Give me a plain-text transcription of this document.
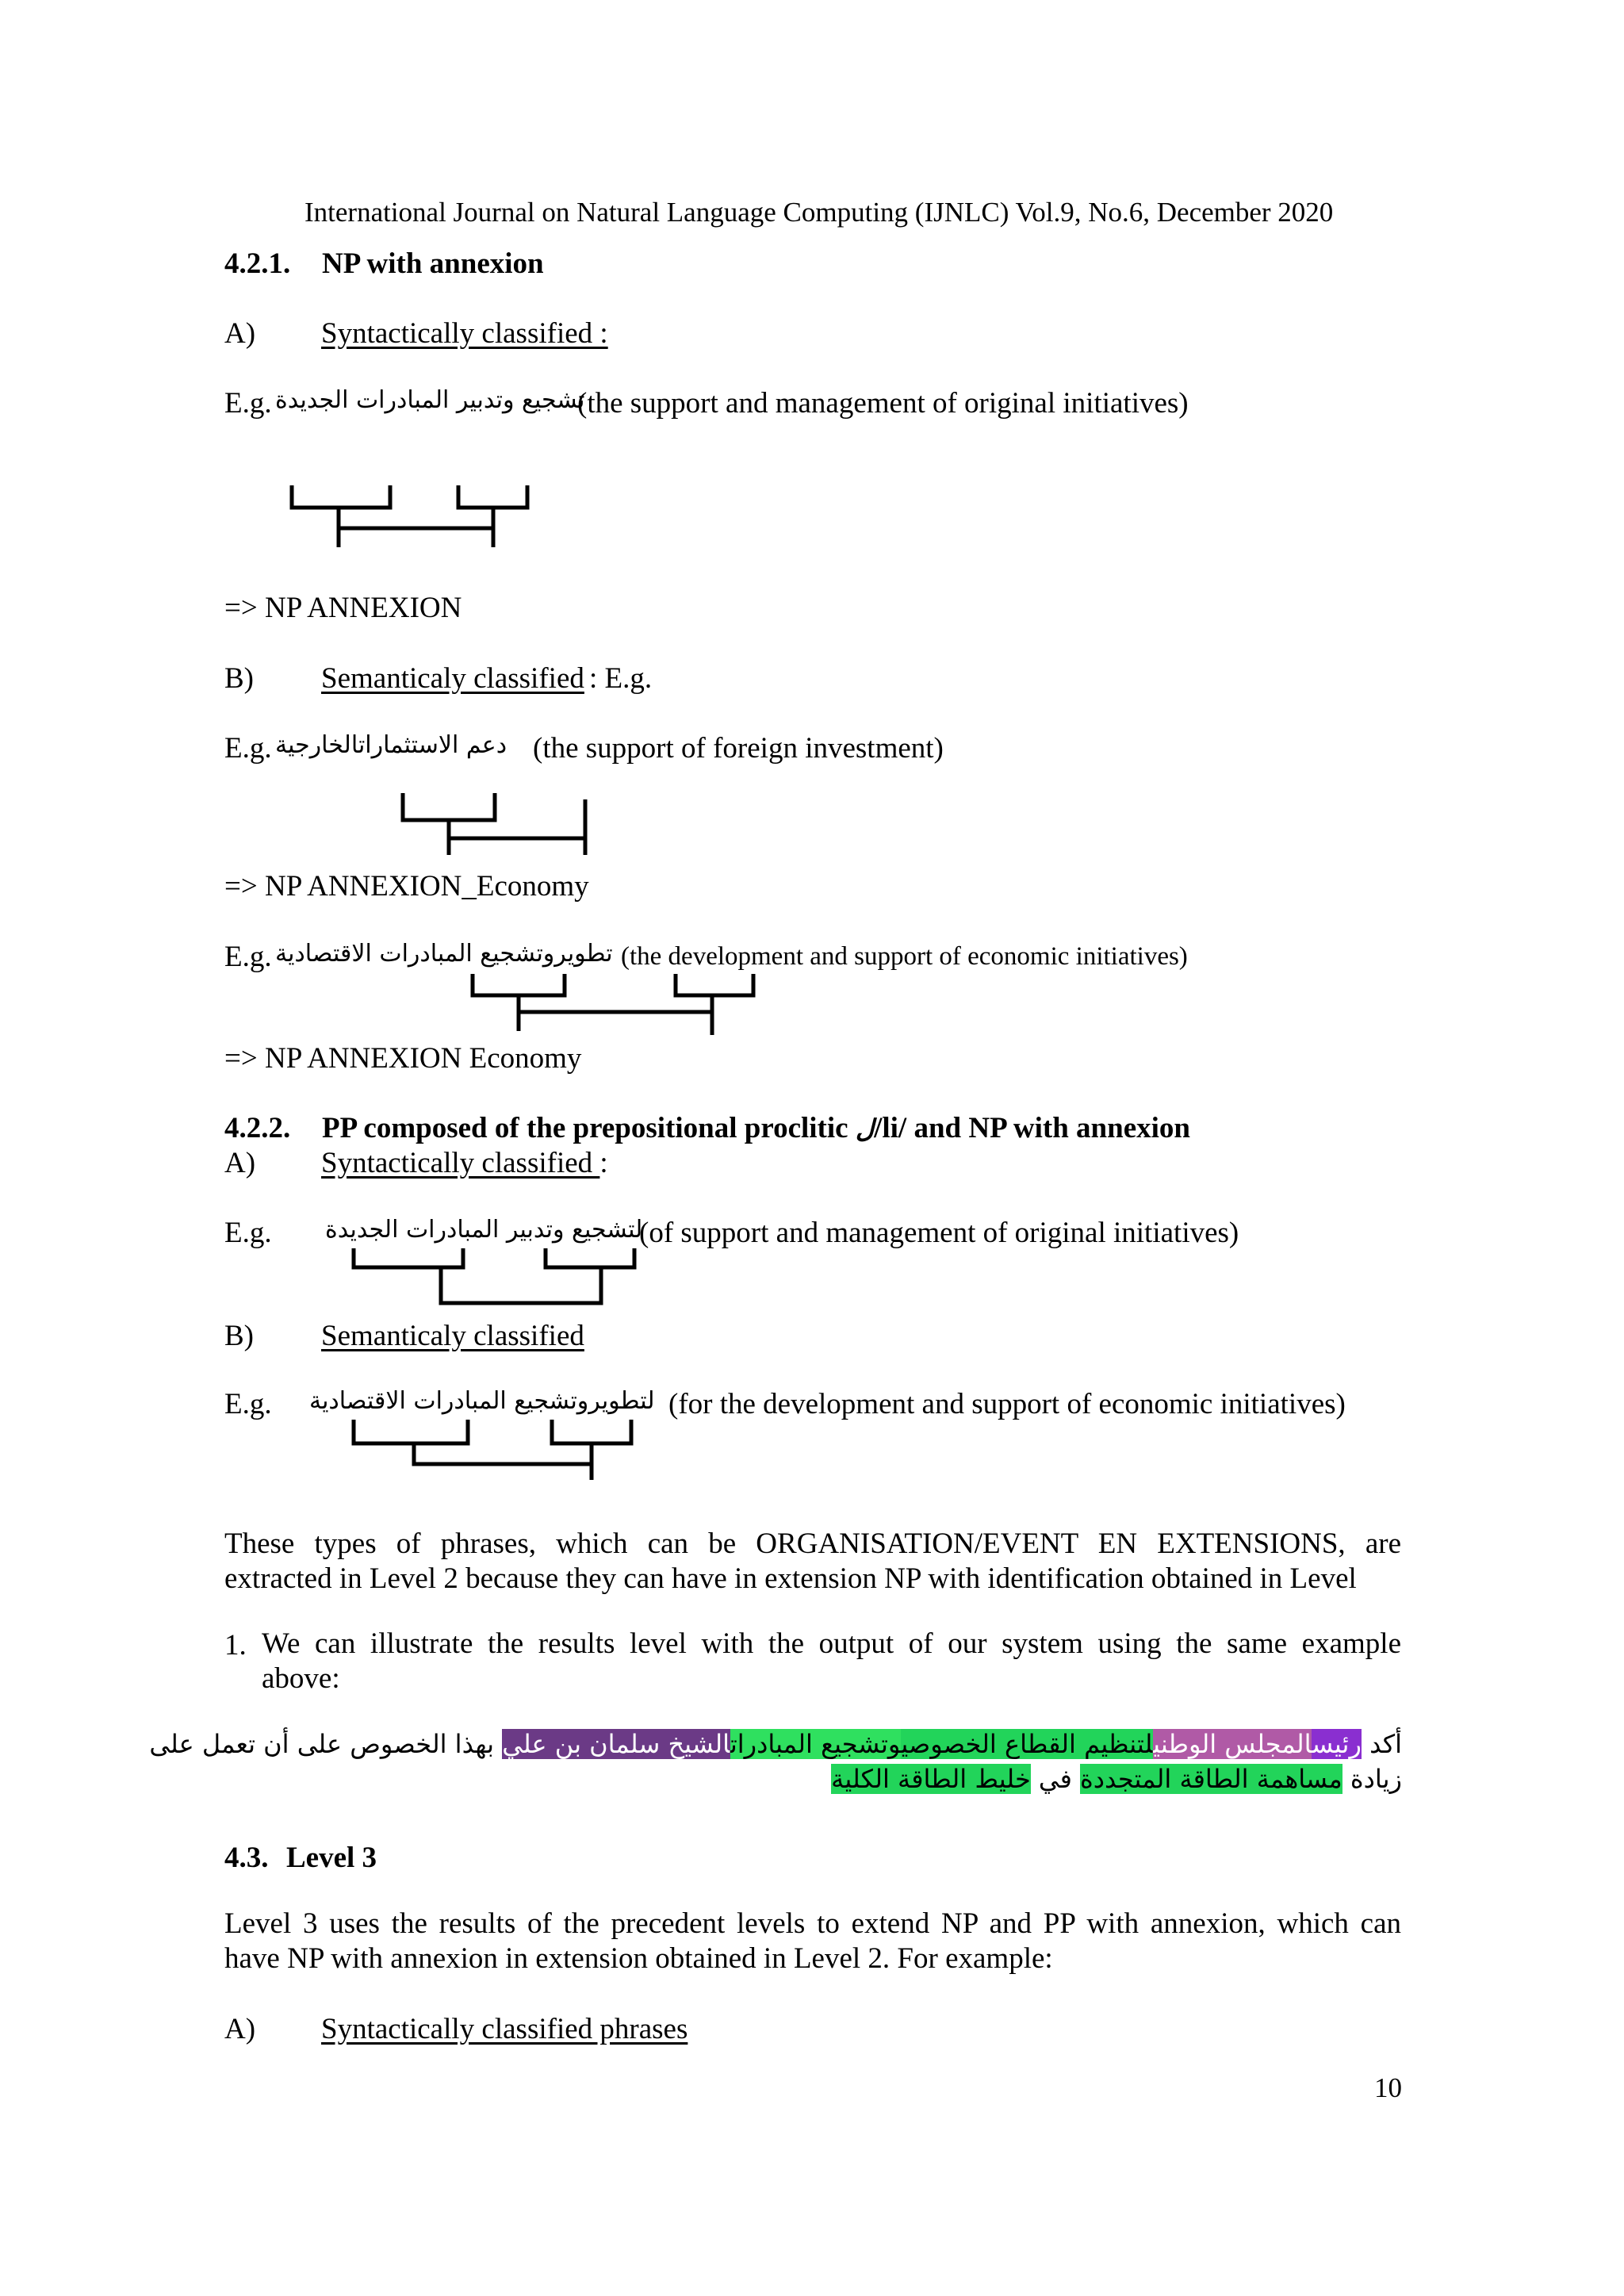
International Journal on Natural Language Computing (IJNLC) Vol.9, No.6, December 2020
4.2.1. NP with annexion
A) Syntactically classified :
E.g. تشجيع وتدبير المبادرات الجديدة
(the support and management of original initiatives)
=> NP ANNEXION
B) Semanticaly classified : E.g.
E.g. دعم الاستثماراتالخارجية (the support of foreign investment)
=> NP ANNEXION_Economy
E.g. تطويروتشجيع المبادرات الاقتصادية (the development and support of economic initiatives)
=> NP ANNEXION Economy
4.2.2. PP composed of the prepositional proclitic ل/li/ and NP with annexion
A) Syntactically classified :
E.g. لتشجيع وتدبير المبادرات الجديدة
(of support and management of original initiatives)
B) Semanticaly classified
E.g. لتطويروتشجيع المبادرات الاقتصادية (for the development and support of economic initiatives)
These types of phrases, which can be ORGANISATION/EVENT EN EXTENSIONS, are
extracted in Level 2 because they can have in extension NP with identification obtained in Level
1. We can illustrate the results level with the output of our system using the same example
above:
أكد رئيسالمجلس الوطنيلتنظيم القطاع الخصوصيوتشجيع المبادراتالشيخ سلمان بن علي بهذا الخصوص على أن تعمل على
زيادة مساهمة الطاقة المتجددة في خليط الطاقة الكلية
4.3. Level 3
Level 3 uses the results of the precedent levels to extend NP and PP with annexion, which can
have NP with annexion in extension obtained in Level 2. For example:
A) Syntactically classified phrases
10
